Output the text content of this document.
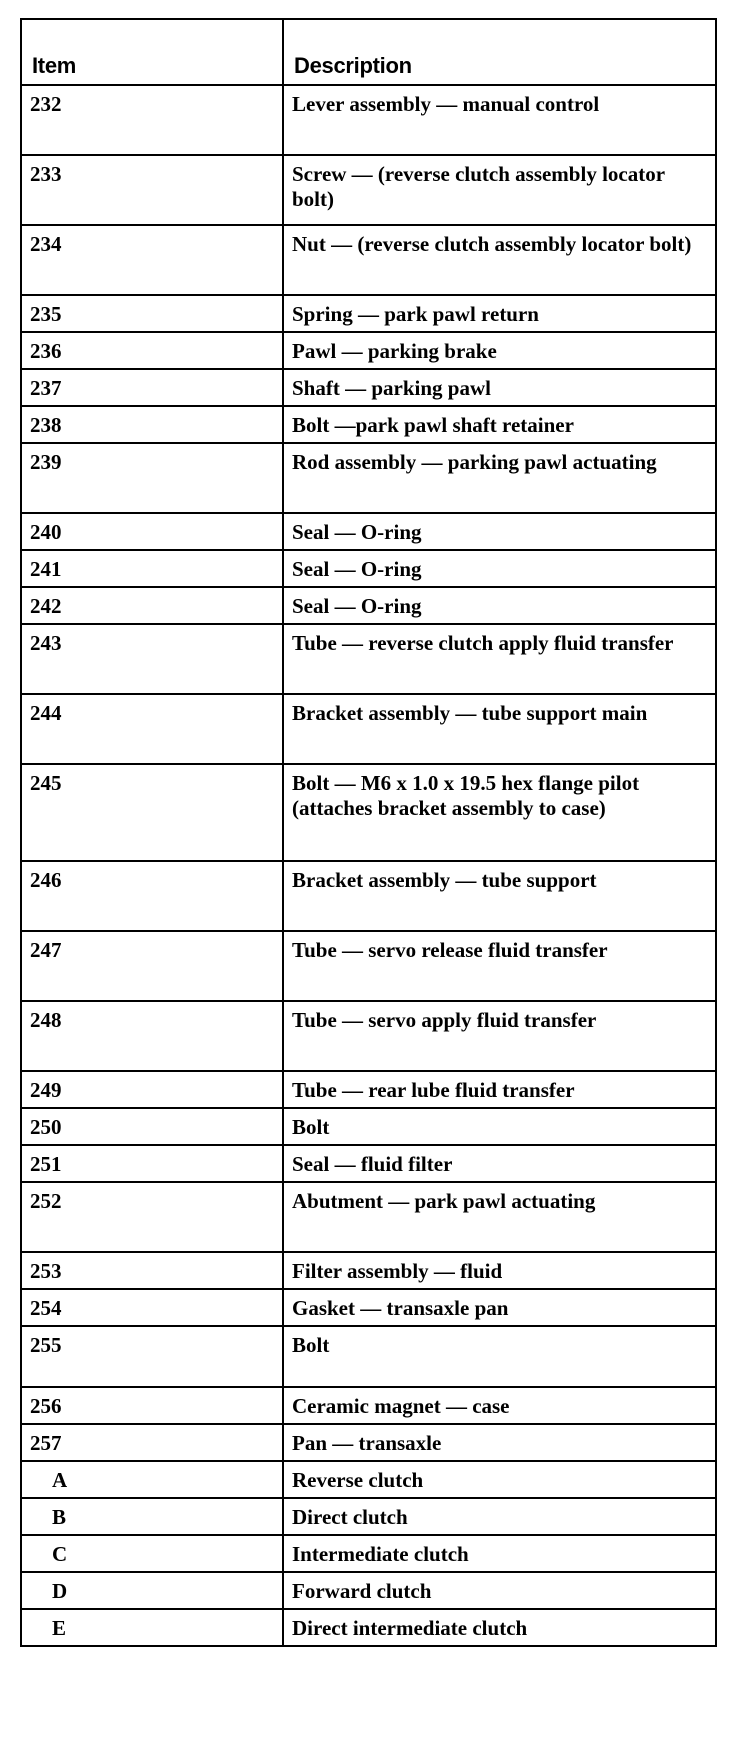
Item	Description
232	Lever assembly — manual control
233	Screw — (reverse clutch assembly locator bolt)
234	Nut — (reverse clutch assembly locator bolt)
235	Spring — park pawl return
236	Pawl — parking brake
237	Shaft — parking pawl
238	Bolt —park pawl shaft retainer
239	Rod assembly — parking pawl actuating
240	Seal — O-ring
241	Seal — O-ring
242	Seal — O-ring
243	Tube — reverse clutch apply fluid transfer
244	Bracket assembly — tube support main
245	Bolt — M6 x 1.0 x 19.5 hex flange pilot (attaches bracket assembly to case)
246	Bracket assembly — tube support
247	Tube — servo release fluid transfer
248	Tube — servo apply fluid transfer
249	Tube — rear lube fluid transfer
250	Bolt
251	Seal — fluid filter
252	Abutment — park pawl actuating
253	Filter assembly — fluid
254	Gasket — transaxle pan
255	Bolt
256	Ceramic magnet — case
257	Pan — transaxle
A	Reverse clutch
B	Direct clutch
C	Intermediate clutch
D	Forward clutch
E	Direct intermediate clutch
